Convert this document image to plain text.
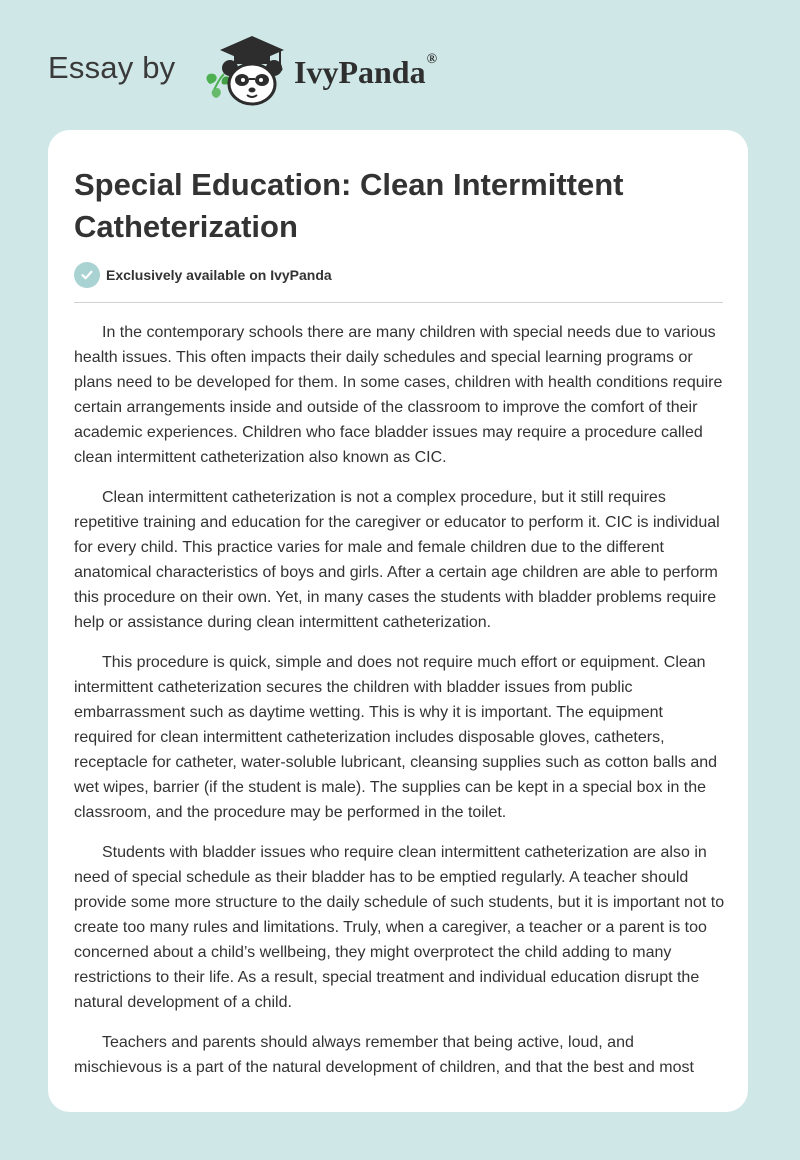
Essay by	IvyPanda®
Special Education: Clean Intermittent Catheterization
Exclusively available on IvyPanda

In the contemporary schools there are many children with special needs due to various health issues. This often impacts their daily schedules and special learning programs or plans need to be developed for them. In some cases, children with health conditions require certain arrangements inside and outside of the classroom to improve the comfort of their academic experiences. Children who face bladder issues may require a procedure called clean intermittent catheterization also known as CIC.

Clean intermittent catheterization is not a complex procedure, but it still requires repetitive training and education for the caregiver or educator to perform it. CIC is individual for every child. This practice varies for male and female children due to the different anatomical characteristics of boys and girls. After a certain age children are able to perform this procedure on their own. Yet, in many cases the students with bladder problems require help or assistance during clean intermittent catheterization.

This procedure is quick, simple and does not require much effort or equipment. Clean intermittent catheterization secures the children with bladder issues from public embarrassment such as daytime wetting. This is why it is important. The equipment required for clean intermittent catheterization includes disposable gloves, catheters, receptacle for catheter, water-soluble lubricant, cleansing supplies such as cotton balls and wet wipes, barrier (if the student is male). The supplies can be kept in a special box in the classroom, and the procedure may be performed in the toilet.

Students with bladder issues who require clean intermittent catheterization are also in need of special schedule as their bladder has to be emptied regularly. A teacher should provide some more structure to the daily schedule of such students, but it is important not to create too many rules and limitations. Truly, when a caregiver, a teacher or a parent is too concerned about a child’s wellbeing, they might overprotect the child adding to many restrictions to their life. As a result, special treatment and individual education disrupt the natural development of a child.

Teachers and parents should always remember that being active, loud, and mischievous is a part of the natural development of children, and that the best and most
